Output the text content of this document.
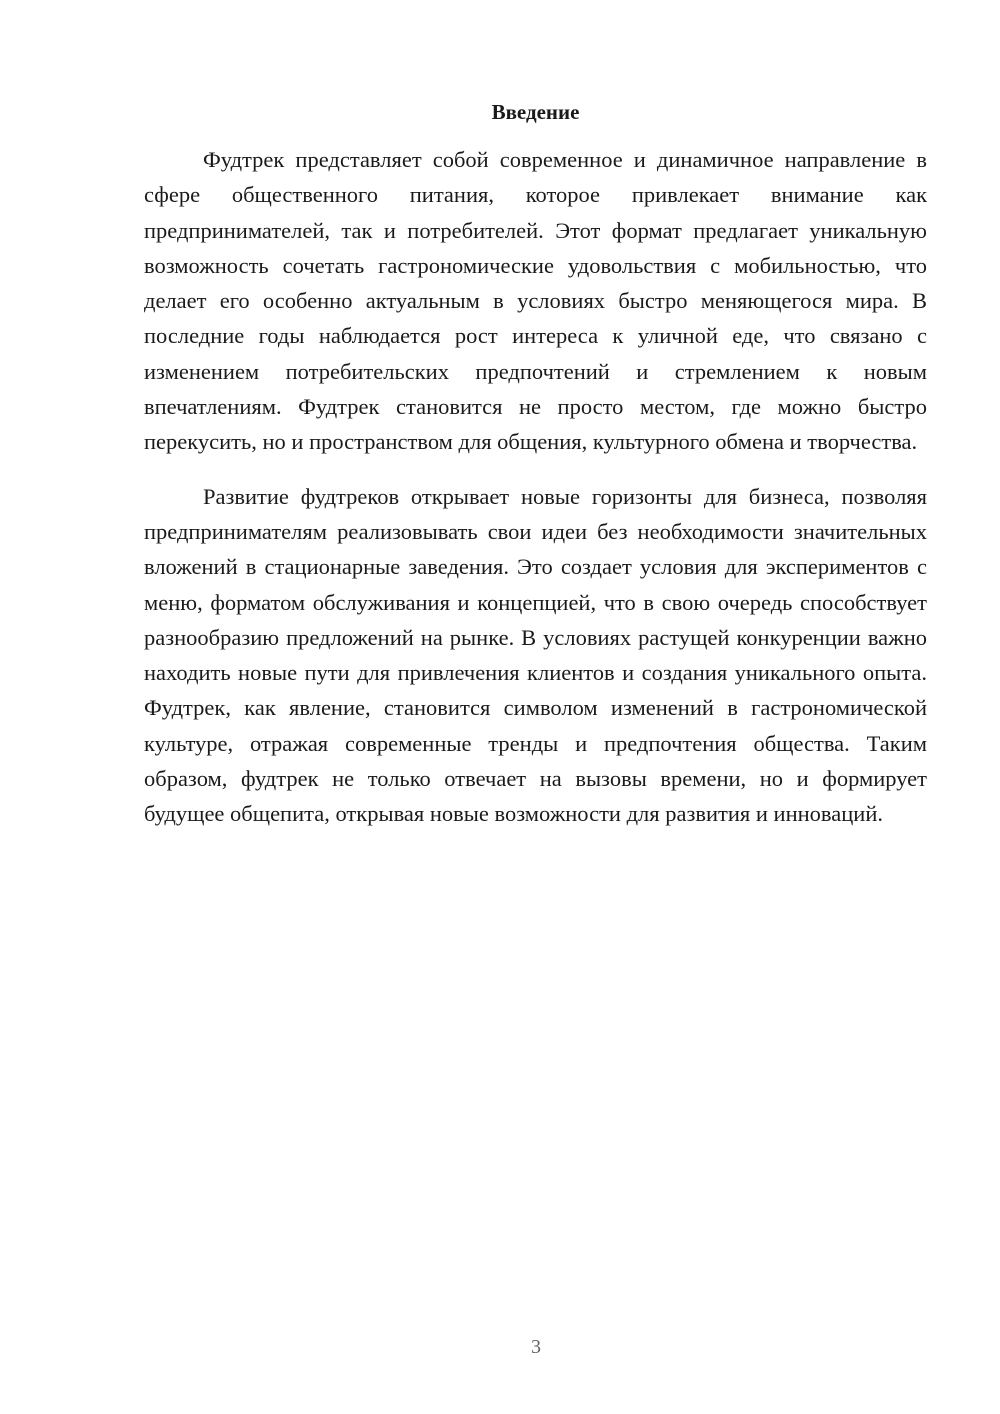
Введение

Фудтрек представляет собой современное и динамичное направление в сфере общественного питания, которое привлекает внимание как предпринимателей, так и потребителей. Этот формат предлагает уникальную возможность сочетать гастрономические удовольствия с мобильностью, что делает его особенно актуальным в условиях быстро меняющегося мира. В последние годы наблюдается рост интереса к уличной еде, что связано с изменением потребительских предпочтений и стремлением к новым впечатлениям. Фудтрек становится не просто местом, где можно быстро перекусить, но и пространством для общения, культурного обмена и творчества.

Развитие фудтреков открывает новые горизонты для бизнеса, позволяя предпринимателям реализовывать свои идеи без необходимости значительных вложений в стационарные заведения. Это создает условия для экспериментов с меню, форматом обслуживания и концепцией, что в свою очередь способствует разнообразию предложений на рынке. В условиях растущей конкуренции важно находить новые пути для привлечения клиентов и создания уникального опыта. Фудтрек, как явление, становится символом изменений в гастрономической культуре, отражая современные тренды и предпочтения общества. Таким образом, фудтрек не только отвечает на вызовы времени, но и формирует будущее общепита, открывая новые возможности для развития и инноваций.

3
